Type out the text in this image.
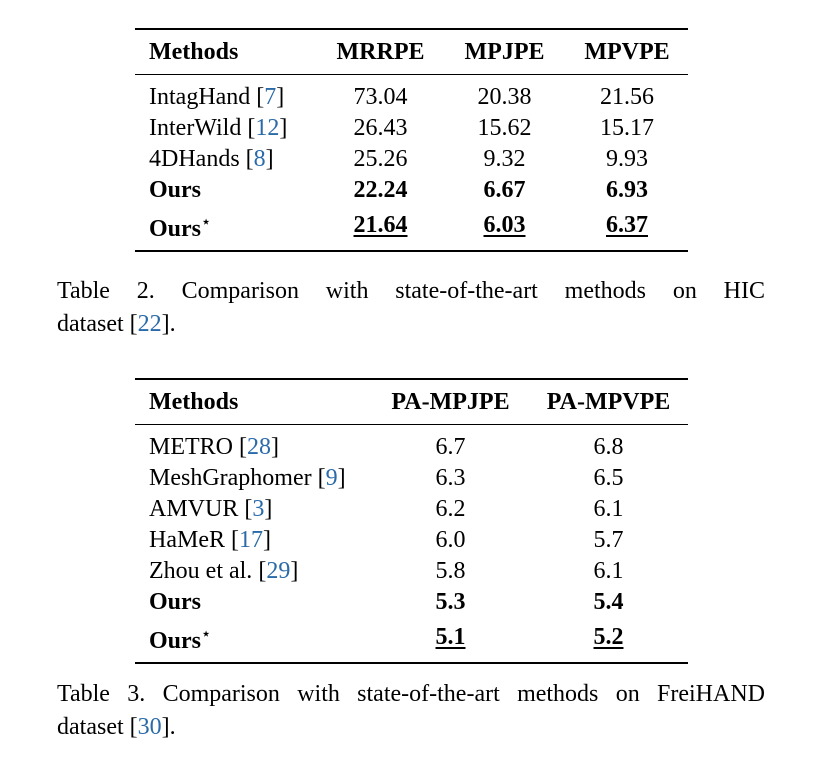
Methods	MRRPE	MPJPE	MPVPE
IntagHand [7]	73.04	20.38	21.56
InterWild [12]	26.43	15.62	15.17
4DHands [8]	25.26	9.32	9.93
Ours	22.24	6.67	6.93
Ours⋆	21.64	6.03	6.37
Table 2. Comparison with state-of-the-art methods on HIC
dataset [22].
Methods	PA-MPJPE	PA-MPVPE
METRO [28]	6.7	6.8
MeshGraphomer [9]	6.3	6.5
AMVUR [3]	6.2	6.1
HaMeR [17]	6.0	5.7
Zhou et al. [29]	5.8	6.1
Ours	5.3	5.4
Ours⋆	5.1	5.2
Table 3. Comparison with state-of-the-art methods on FreiHAND
dataset [30].
